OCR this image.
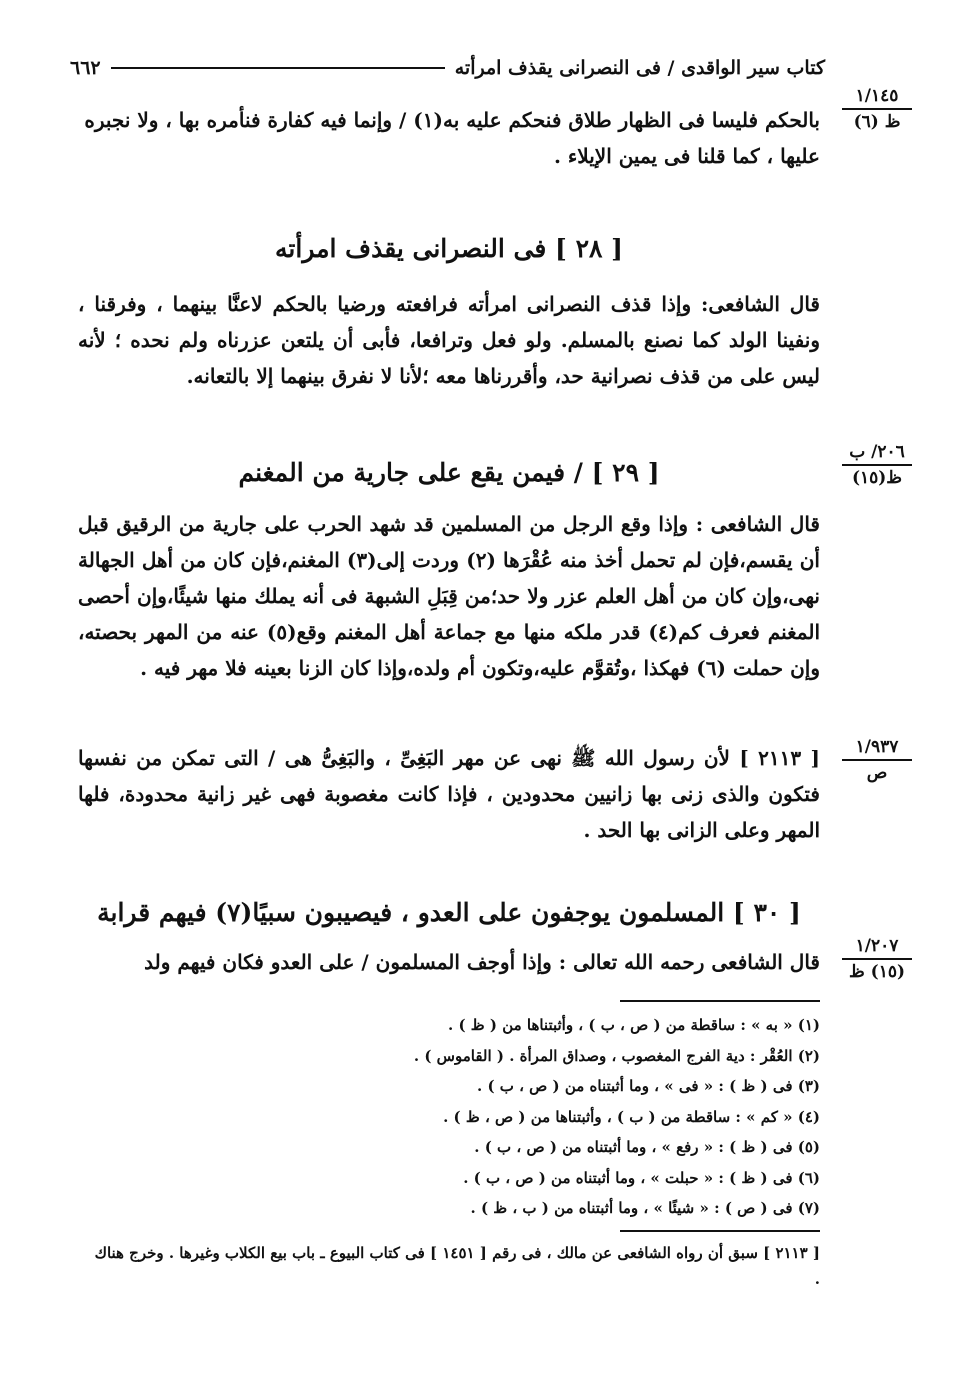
٦٦٢	كتاب سير الواقدى / فى النصرانى يقذف امرأته
١/١٤٥
ظ (٦)
٢٠٦/ ب
ظ(١٥)
١/٩٣٧
ص
١/٢٠٧
(١٥) ظ
بالحكم فليسا فى الظهار طلاق فنحكم عليه به(١) / وإنما فيه كفارة فنأمره بها ، ولا نجبره
عليها ، كما قلنا فى يمين الإيلاء .
[ ٢٨ ] فى النصرانى يقذف امرأته

قال الشافعى: وإذا قذف النصرانى امرأته فرافعته ورضيا بالحكم لاعنَّا بينهما ، وفرقنا ، ونفينا الولد كما نصنع بالمسلم. ولو فعل وترافعا، فأبى أن يلتعن عزرناه ولم نحده ؛ لأنه ليس على من قذف نصرانية حد، وأقررناها معه ؛لأنا لا نفرق بينهما إلا بالتعانه.

[ ٢٩ ] / فيمن يقع على جارية من المغنم

قال الشافعى : وإذا وقع الرجل من المسلمين قد شهد الحرب على جارية من الرقيق قبل أن يقسم،فإن لم تحمل أخذ منه عُقْرَها (٢) وردت إلى(٣) المغنم،فإن كان من أهل الجهالة نهى،وإن كان من أهل العلم عزر ولا حد؛من قِبَلِ الشبهة فى أنه يملك منها شيئًا،وإن أحصى المغنم فعرف كم(٤) قدر ملكه منها مع جماعة أهل المغنم وقع(٥) عنه من المهر بحصته، وإن حملت (٦) فهكذا ،وتُقوَّم عليه،وتكون أم ولده،وإذا كان الزنا بعينه فلا مهر فيه .

[ ٢١١٣ ] لأن رسول الله ﷺ نهى عن مهر البَغِىِّ ، والبَغِىُّ هى / التى تمكن من نفسها فتكون والذى زنى بها زانيين محدودين ، فإذا كانت مغصوبة فهى غير زانية محدودة، فلها المهر وعلى الزانى بها الحد .

[ ٣٠ ] المسلمون يوجفون على العدو ، فيصيبون سبيًا(٧) فيهم قرابة

قال الشافعى رحمه الله تعالى : وإذا أوجف المسلمون / على العدو فكان فيهم ولد

(١) « به » : ساقطة من ( ص ، ب ) ، وأثبتناها من ( ظ ) .
(٢) العُقْر : دية الفرج المغصوب ، وصداق المرأة . ( القاموس ) .
(٣) فى ( ظ ) : « فى » ، وما أثبتناه من ( ص ، ب ) .
(٤) « كم » : ساقطة من ( ب ) ، وأثبتناها من ( ص ، ظ ) .
(٥) فى ( ظ ) : « رفع » ، وما أثبتناه من ( ص ، ب ) .
(٦) فى ( ظ ) : « حبلت » ، وما أثبتناه من ( ص ، ب ) .
(٧) فى ( ص ) : « شيئًا » ، وما أثبتناه من ( ب ، ظ ) .
[ ٢١١٣ ] سبق أن رواه الشافعى عن مالك ، فى رقم [ ١٤٥١ ] فى كتاب البيوع ـ باب بيع الكلاب وغيرها . وخرج هناك .
